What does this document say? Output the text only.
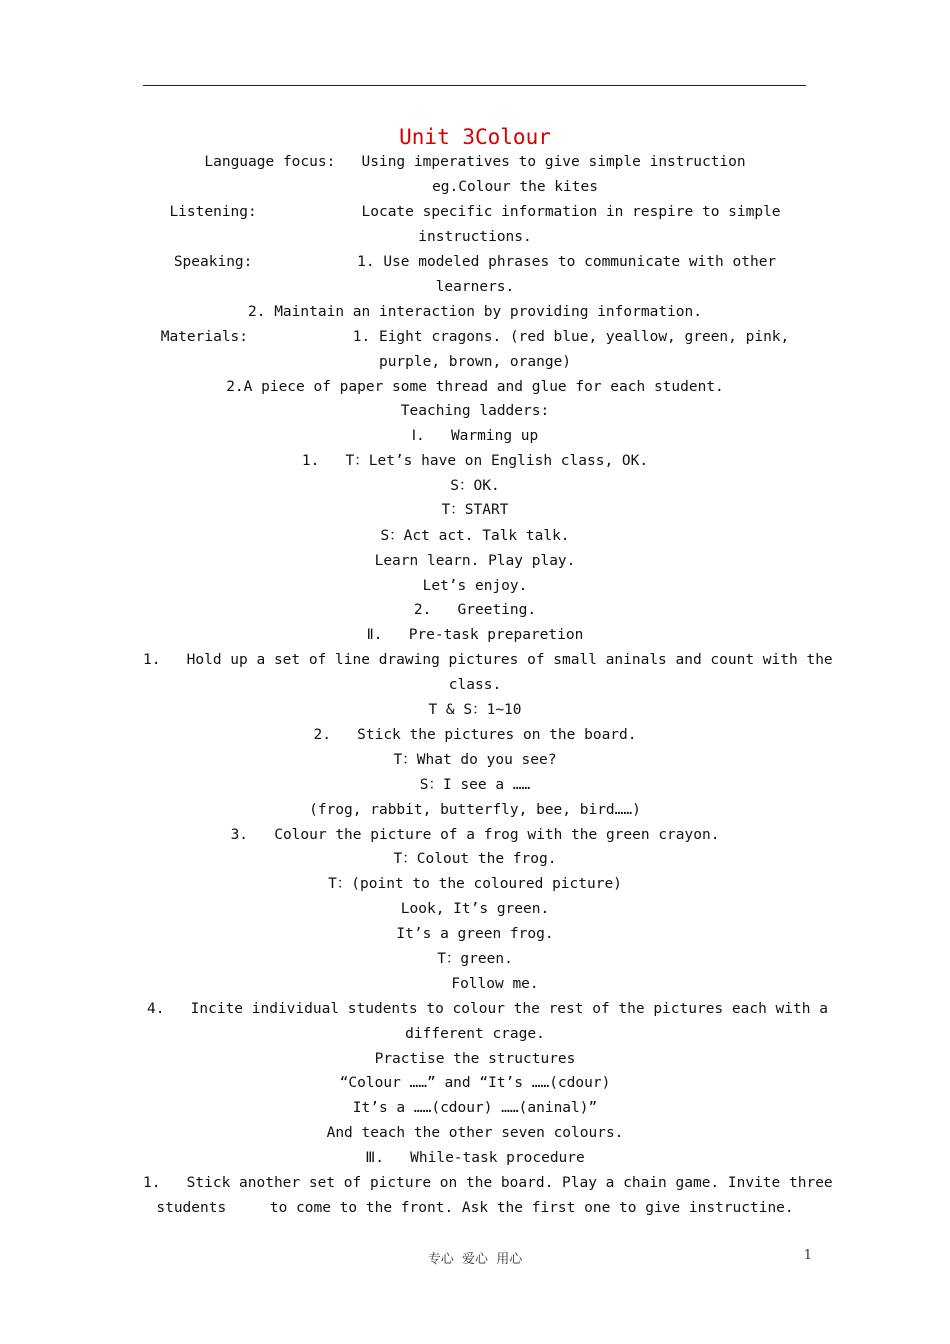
Unit 3Colour
Language focus:   Using imperatives to give simple instruction
eg.Colour the kites
Listening:            Locate specific information in respire to simple
instructions.
Speaking:            1. Use modeled phrases to communicate with other
learners.
2. Maintain an interaction by providing information.
Materials:            1. Eight cragons. (red blue, yeallow, green, pink,
purple, brown, orange)
2.A piece of paper some thread and glue for each student.
Teaching ladders:
Ⅰ.   Warming up
1.   T：Let’s have on English class, OK.
S：OK.
T：START
S：Act act. Talk talk.
Learn learn. Play play.
Let’s enjoy.
2.   Greeting.
Ⅱ.   Pre-task preparetion
1.   Hold up a set of line drawing pictures of small aninals and count with the
class.
T & S：1~10
2.   Stick the pictures on the board.
T：What do you see?
S：I see a ……
(frog, rabbit, butterfly, bee, bird……)
3.   Colour the picture of a frog with the green crayon.
T：Colout the frog.
T：(point to the coloured picture)
Look, It’s green.
It’s a green frog.
T：green.
Follow me.
4.   Incite individual students to colour the rest of the pictures each with a
different crage.
Practise the structures
“Colour ……” and “It’s ……(cdour)
It’s a ……(cdour) ……(aninal)”
And teach the other seven colours.
Ⅲ.   While-task procedure
1.   Stick another set of picture on the board. Play a chain game. Invite three
students     to come to the front. Ask the first one to give instructine.
专心  爱心  用心	1
